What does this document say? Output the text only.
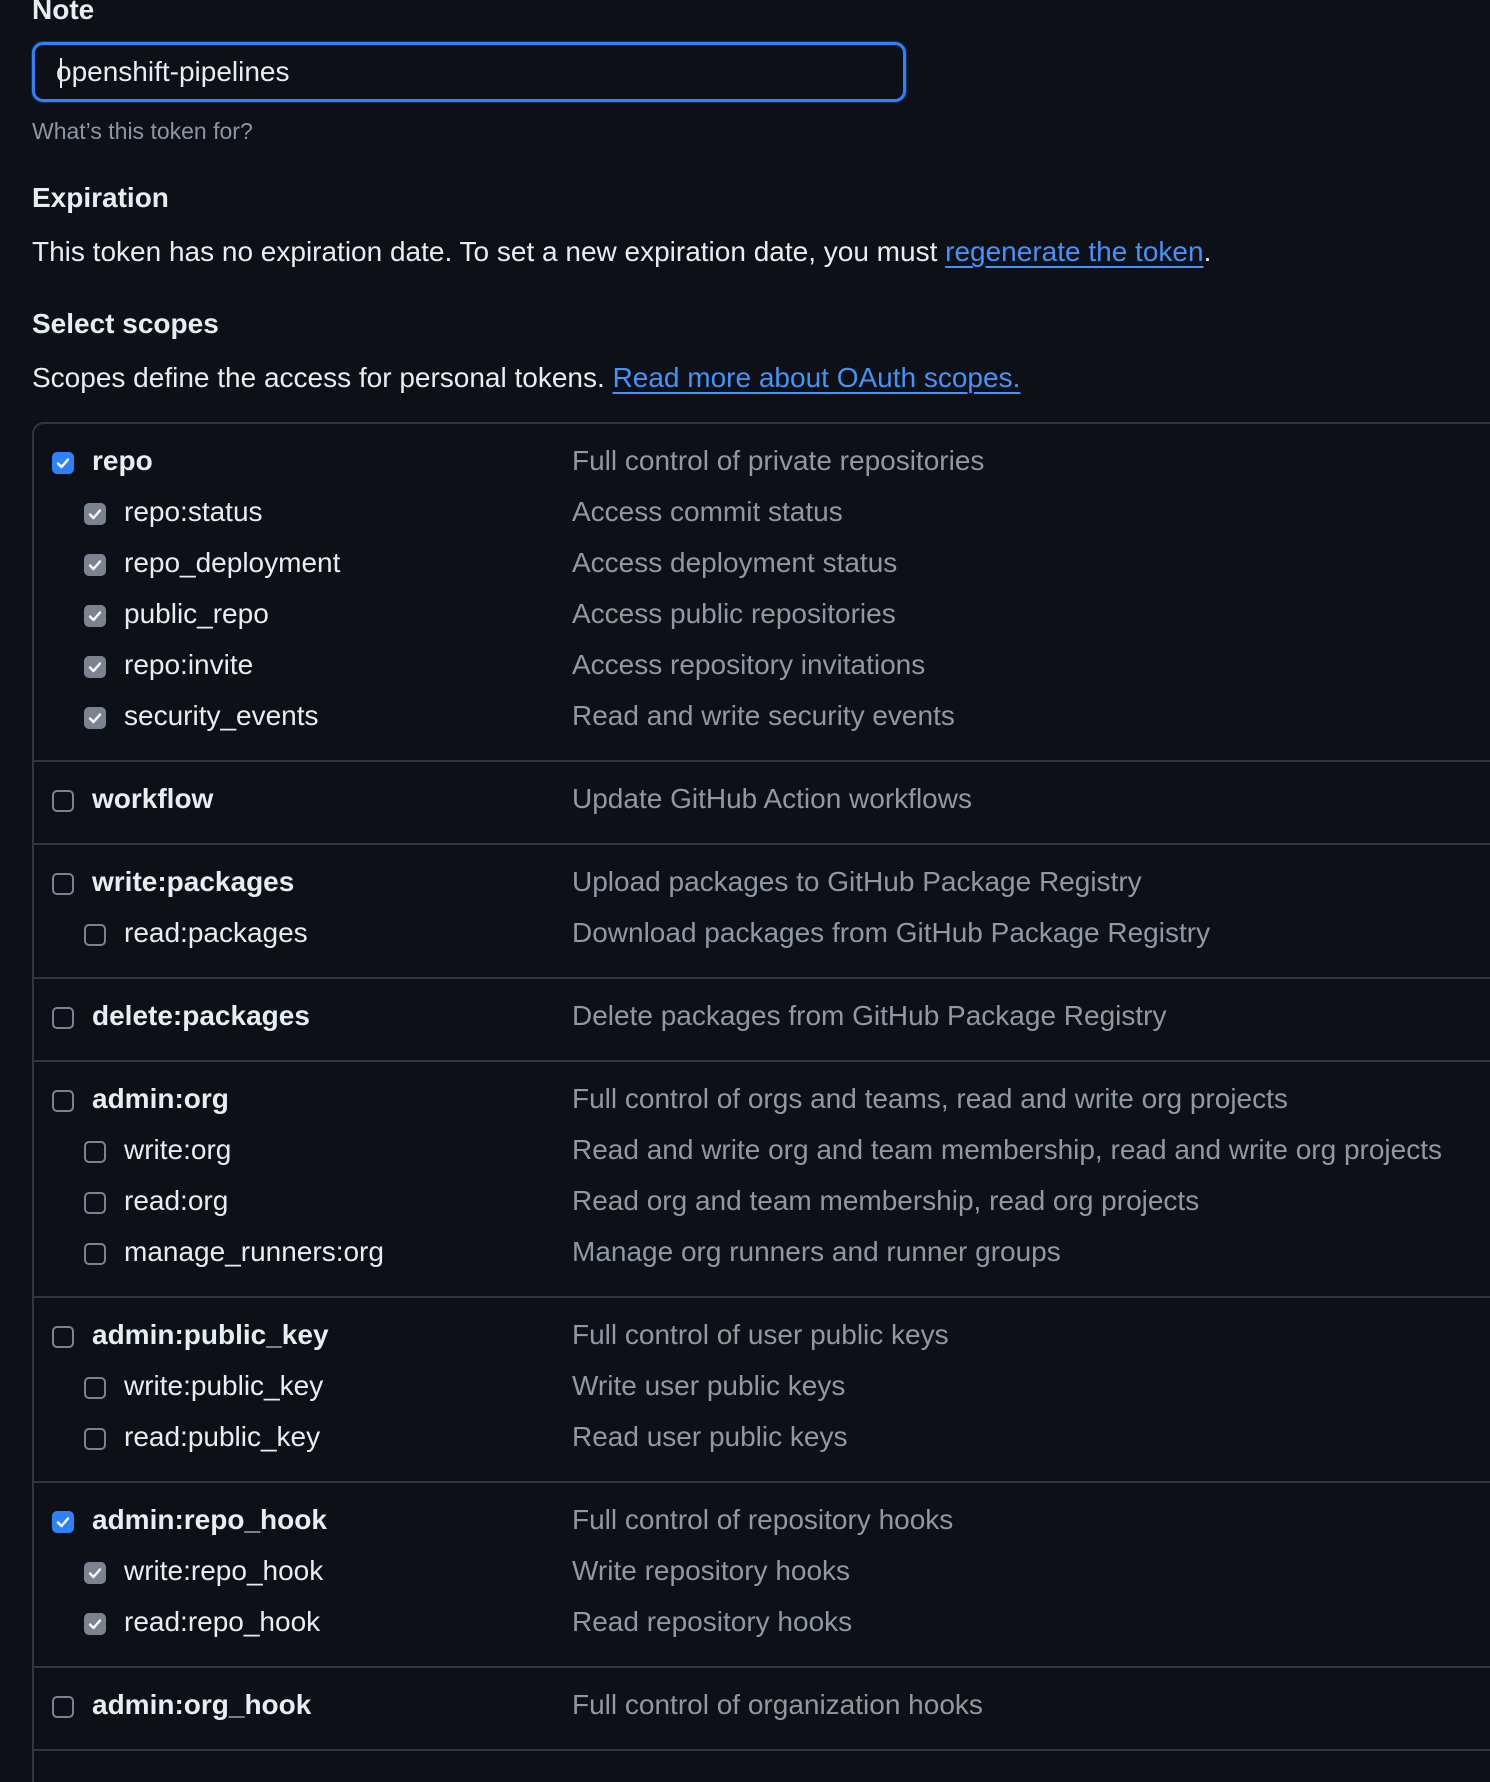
Note
openshift-pipelines
What’s this token for?
Expiration
This token has no expiration date. To set a new expiration date, you must regenerate the token.
Select scopes
Scopes define the access for personal tokens. Read more about OAuth scopes.
repo	Full control of private repositories
repo:status	Access commit status
repo_deployment	Access deployment status
public_repo	Access public repositories
repo:invite	Access repository invitations
security_events	Read and write security events
workflow	Update GitHub Action workflows
write:packages	Upload packages to GitHub Package Registry
read:packages	Download packages from GitHub Package Registry
delete:packages	Delete packages from GitHub Package Registry
admin:org	Full control of orgs and teams, read and write org projects
write:org	Read and write org and team membership, read and write org projects
read:org	Read org and team membership, read org projects
manage_runners:org	Manage org runners and runner groups
admin:public_key	Full control of user public keys
write:public_key	Write user public keys
read:public_key	Read user public keys
admin:repo_hook	Full control of repository hooks
write:repo_hook	Write repository hooks
read:repo_hook	Read repository hooks
admin:org_hook	Full control of organization hooks
